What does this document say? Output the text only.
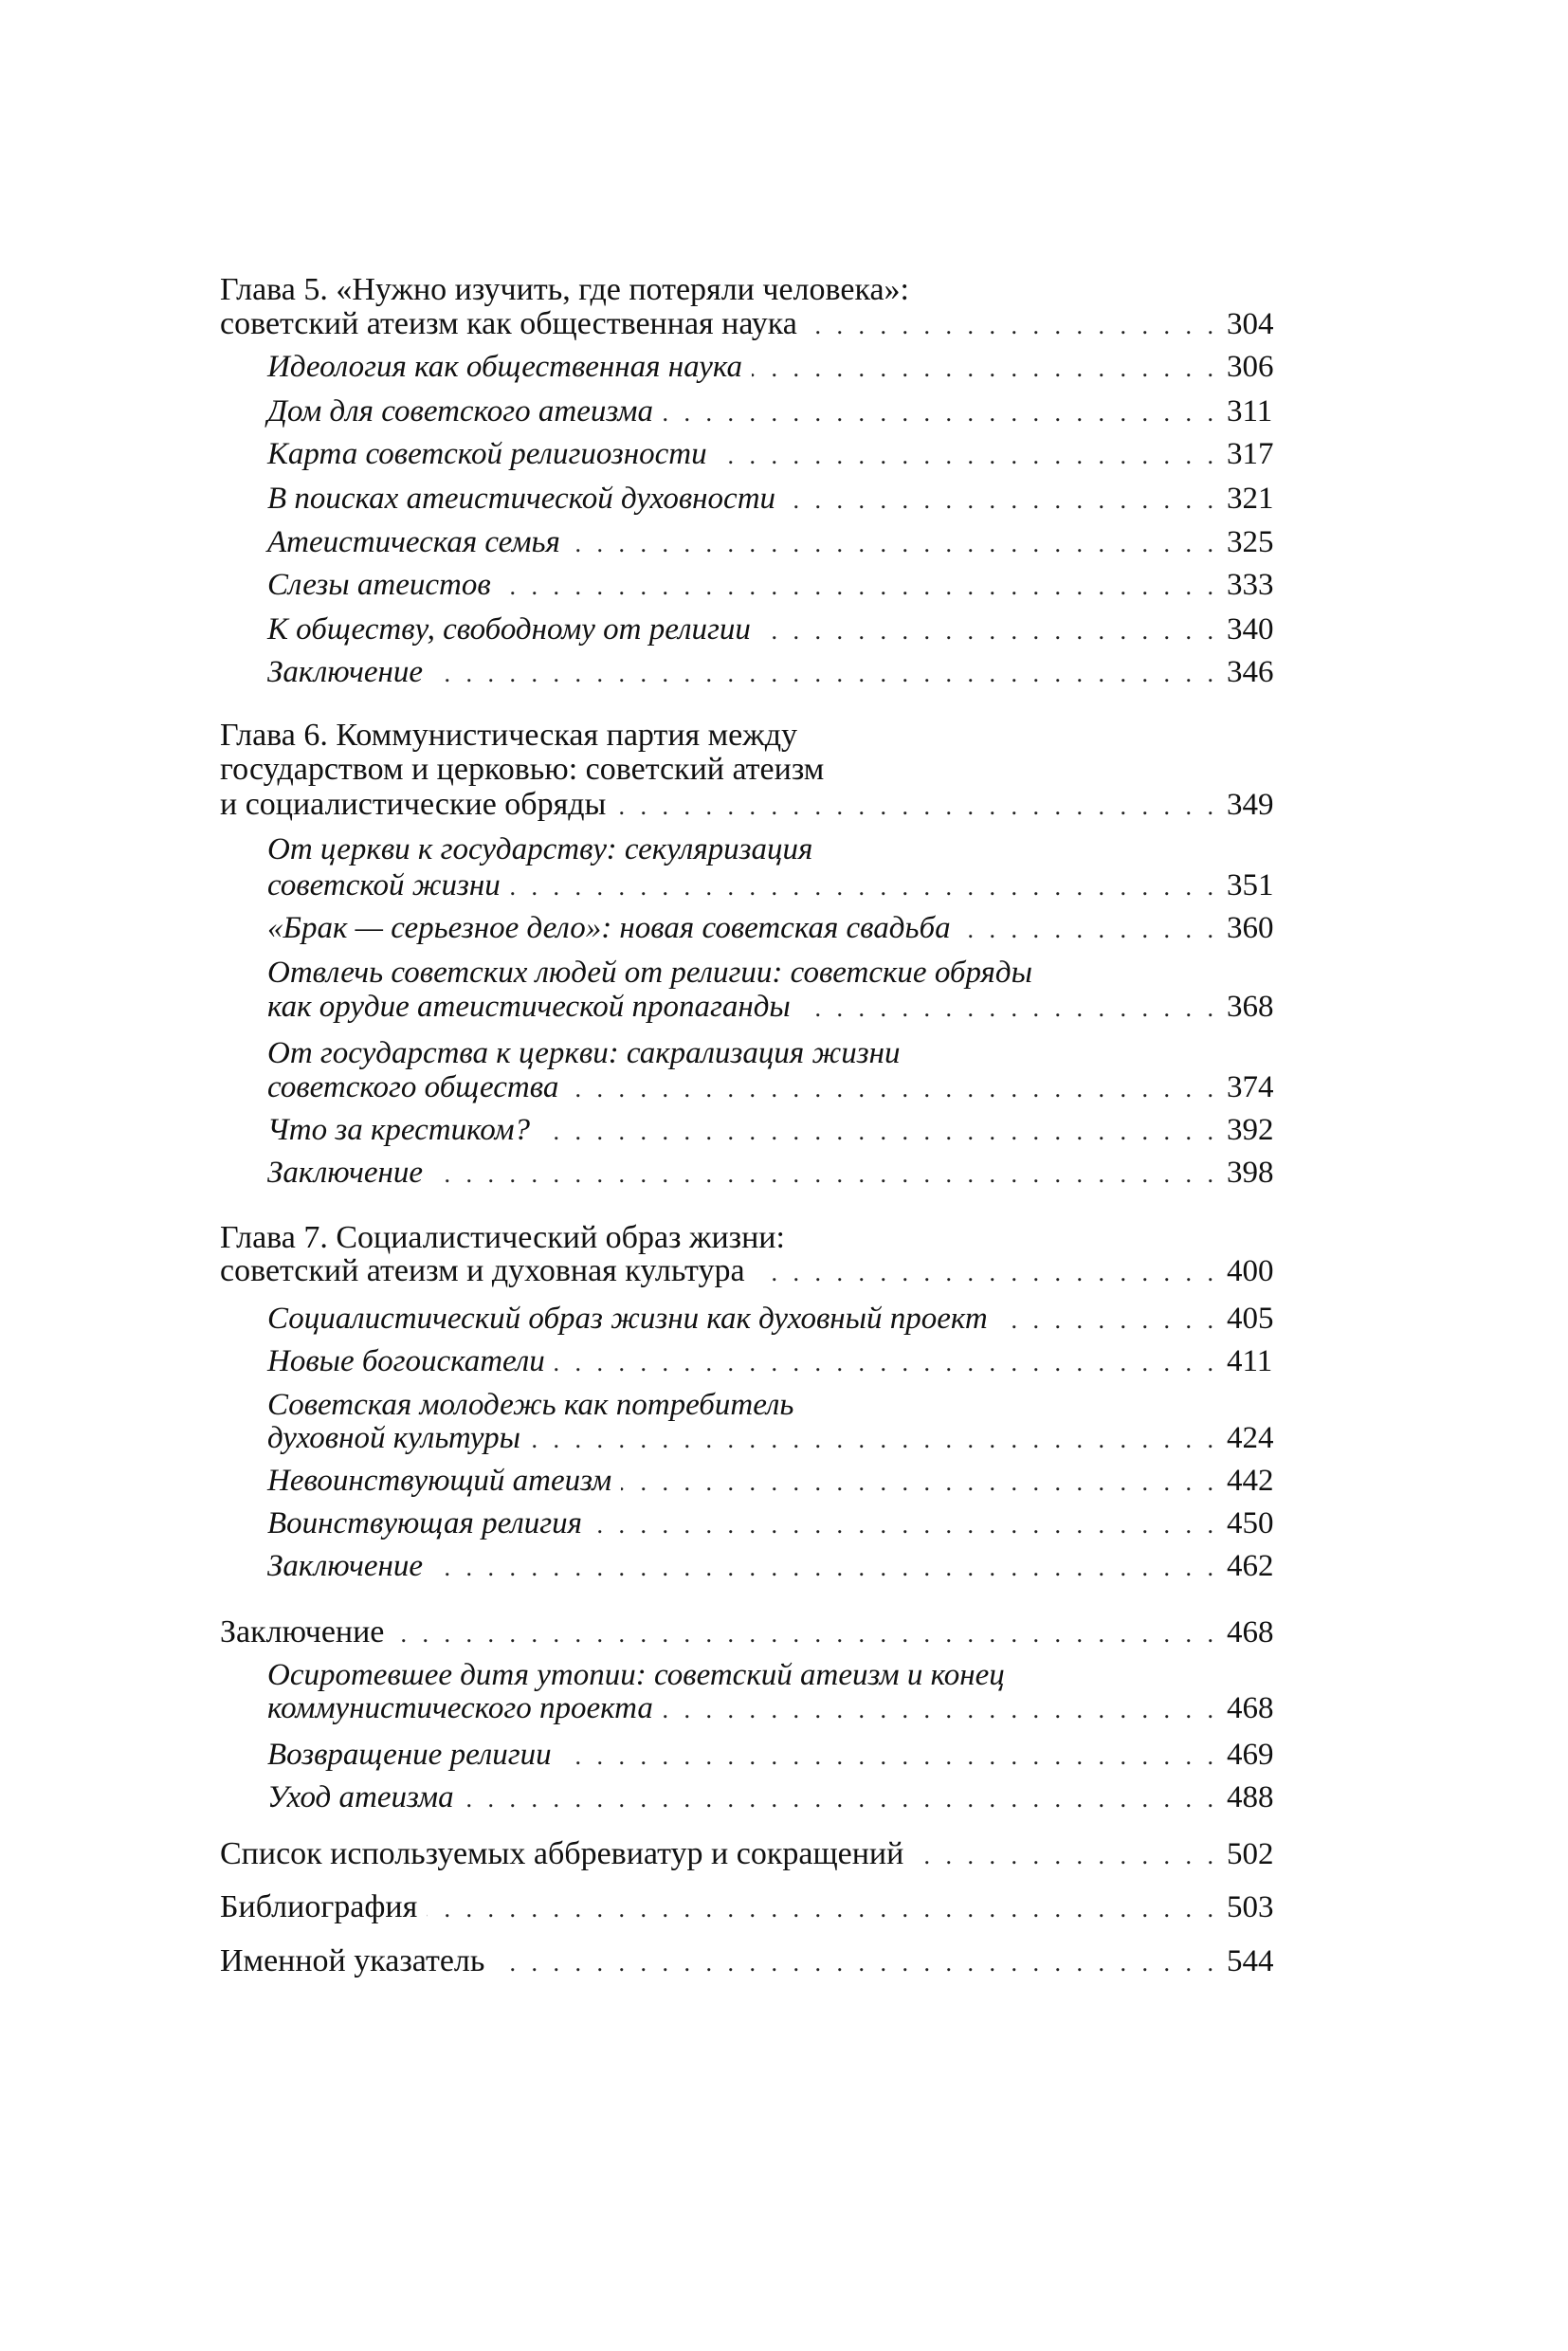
Глава 5. «Нужно изучить, где потеряли человека»:
советский атеизм как общественная наука . . .	304
Идеология как общественная наука . . .	306
Дом для советского атеизма . . .	311
Карта советской религиозности . . .	317
В поисках атеистической духовности . . .	321
Атеистическая семья . . .	325
Слезы атеистов . . .	333
К обществу, свободному от религии . . .	340
Заключение . . .	346
Глава 6. Коммунистическая партия между
государством и церковью: советский атеизм
и социалистические обряды . . .	349
От церкви к государству: секуляризация
советской жизни . . .	351
«Брак — серьезное дело»: новая советская свадьба . . .	360
Отвлечь советских людей от религии: советские обряды
как орудие атеистической пропаганды . . .	368
От государства к церкви: сакрализация жизни
советского общества . . .	374
Что за крестиком? . . .	392
Заключение . . .	398
Глава 7. Социалистический образ жизни:
советский атеизм и духовная культура . . .	400
Социалистический образ жизни как духовный проект . . .	405
Новые богоискатели . . .	411
Советская молодежь как потребитель
духовной культуры . . .	424
Невоинствующий атеизм . . .	442
Воинствующая религия . . .	450
Заключение . . .	462
Заключение . . .	468
Осиротевшее дитя утопии: советский атеизм и конец
коммунистического проекта . . .	468
Возвращение религии . . .	469
Уход атеизма . . .	488
Список используемых аббревиатур и сокращений . . .	502
Библиография . . .	503
Именной указатель . . .	544
